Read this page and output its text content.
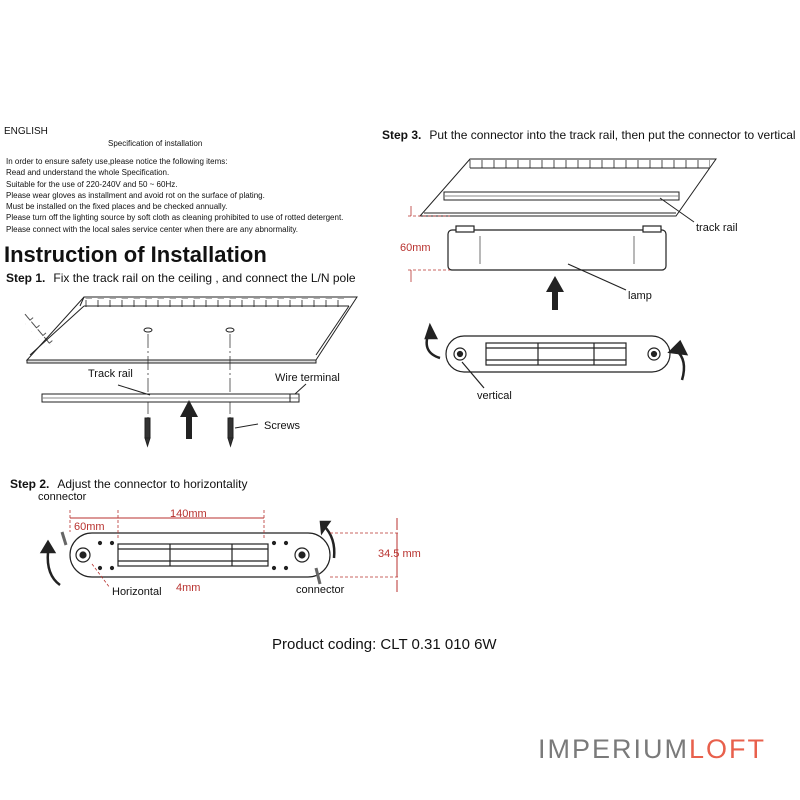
ENGLISH
Specification of installation
In order to ensure safety use,please notice the following items:
Read and understand the whole Specification.
Suitable for the use of 220-240V and 50 ~ 60Hz.
Please wear gloves as installment and avoid rot on the surface of plating.
Must be installed on the fixed places and be checked annually.
Please turn off the lighting source by soft cloth as cleaning prohibited to use of rotted detergent.
Please connect with the local sales service center when there are any abnormality.
Instruction of Installation
Step 1. Fix the track rail on the ceiling , and connect the L/N pole
Step 2. Adjust the connector to horizontality
Step 3. Put the connector into the track rail, then put the connector to vertical
Track rail	Wire terminal
Screws
connector
60mm
140mm
34.5 mm
Horizontal 4mm	connector
track rail
60mm
lamp
vertical
Product coding: CLT 0.31 010 6W
IMPERIUMLOFT
